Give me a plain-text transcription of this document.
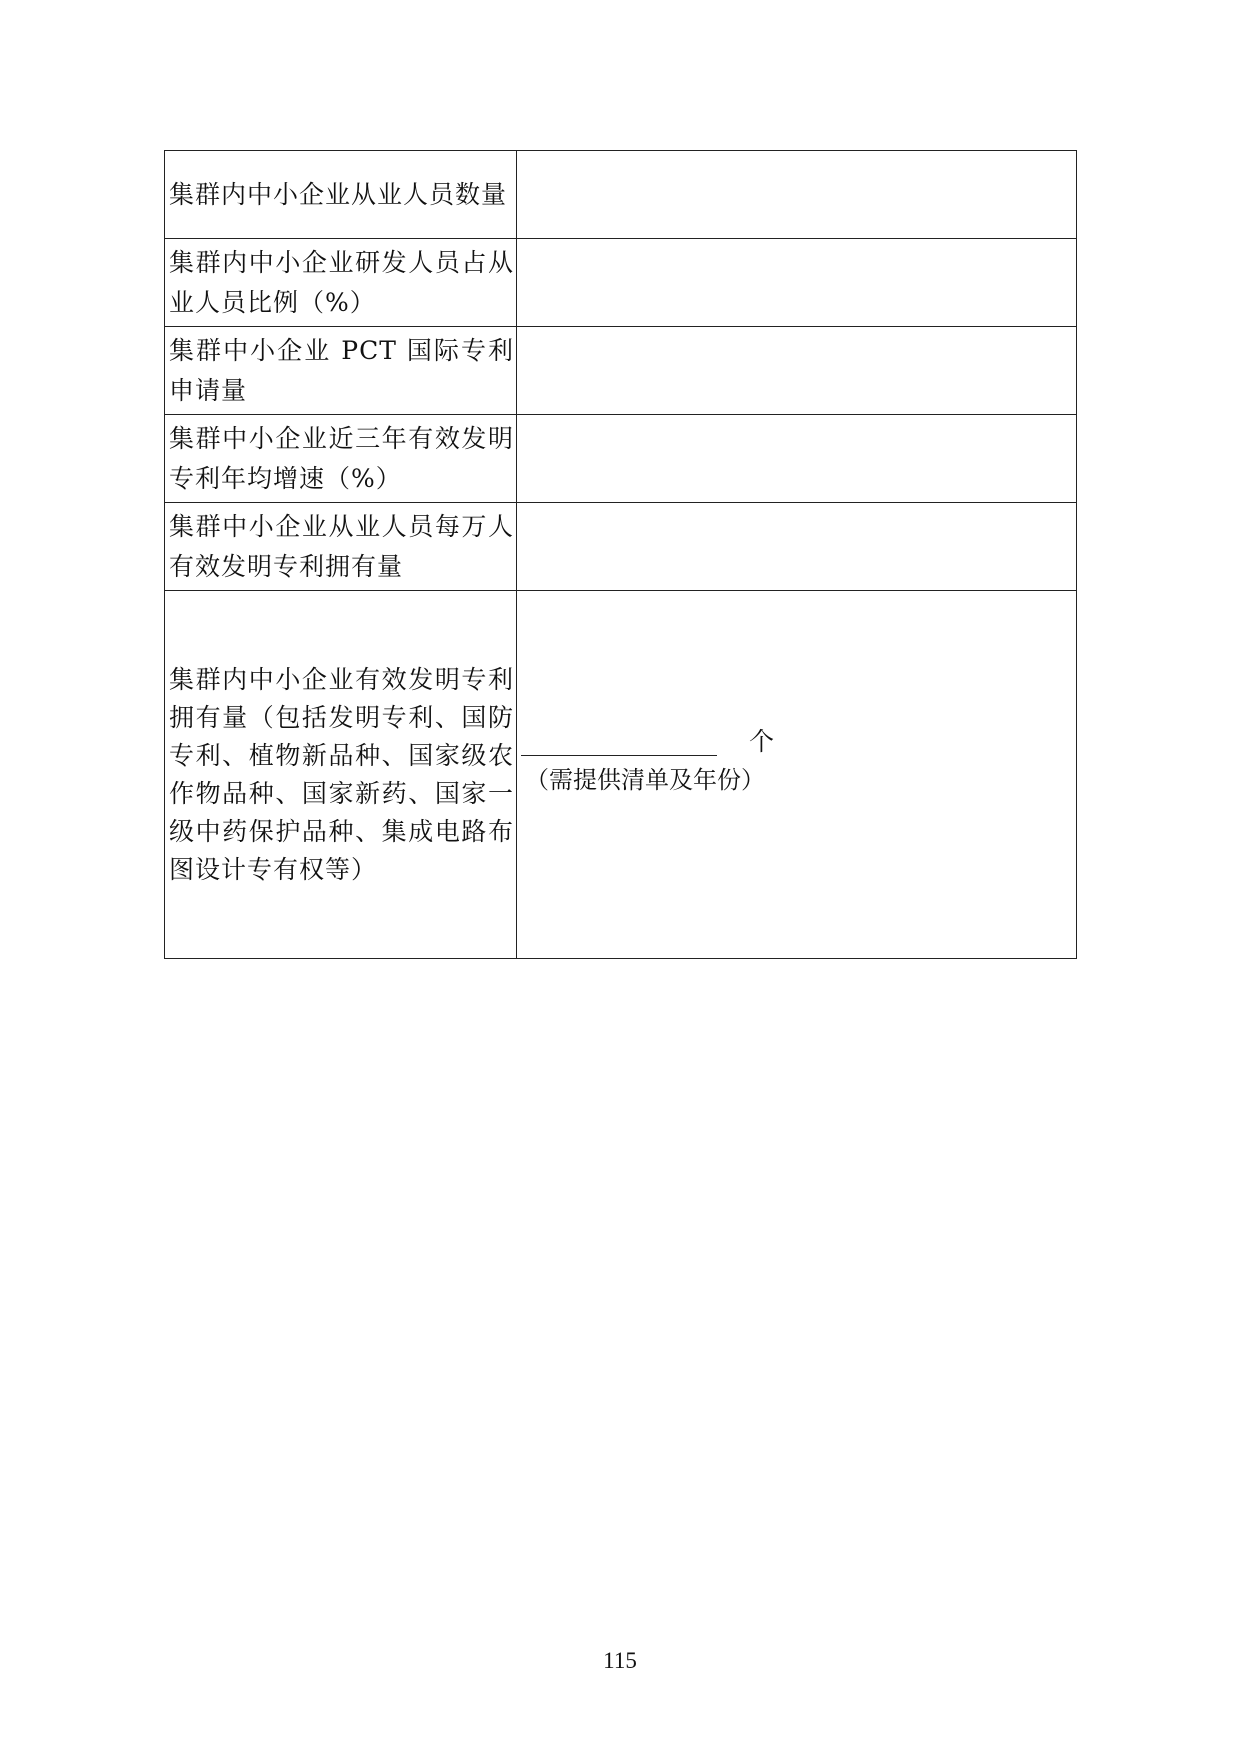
集群内中小企业从业人员数量	

集群内中小企业研发人员占从业人员比例（%）	

集群中小企业 PCT 国际专利申请量	

集群中小企业近三年有效发明专利年均增速（%）	

集群中小企业从业人员每万人有效发明专利拥有量	

集群内中小企业有效发明专利拥有量（包括发明专利、国防专利、植物新品种、国家级农作物品种、国家新药、国家一级中药保护品种、集成电路布图设计专有权等）	个
（需提供清单及年份）
115
